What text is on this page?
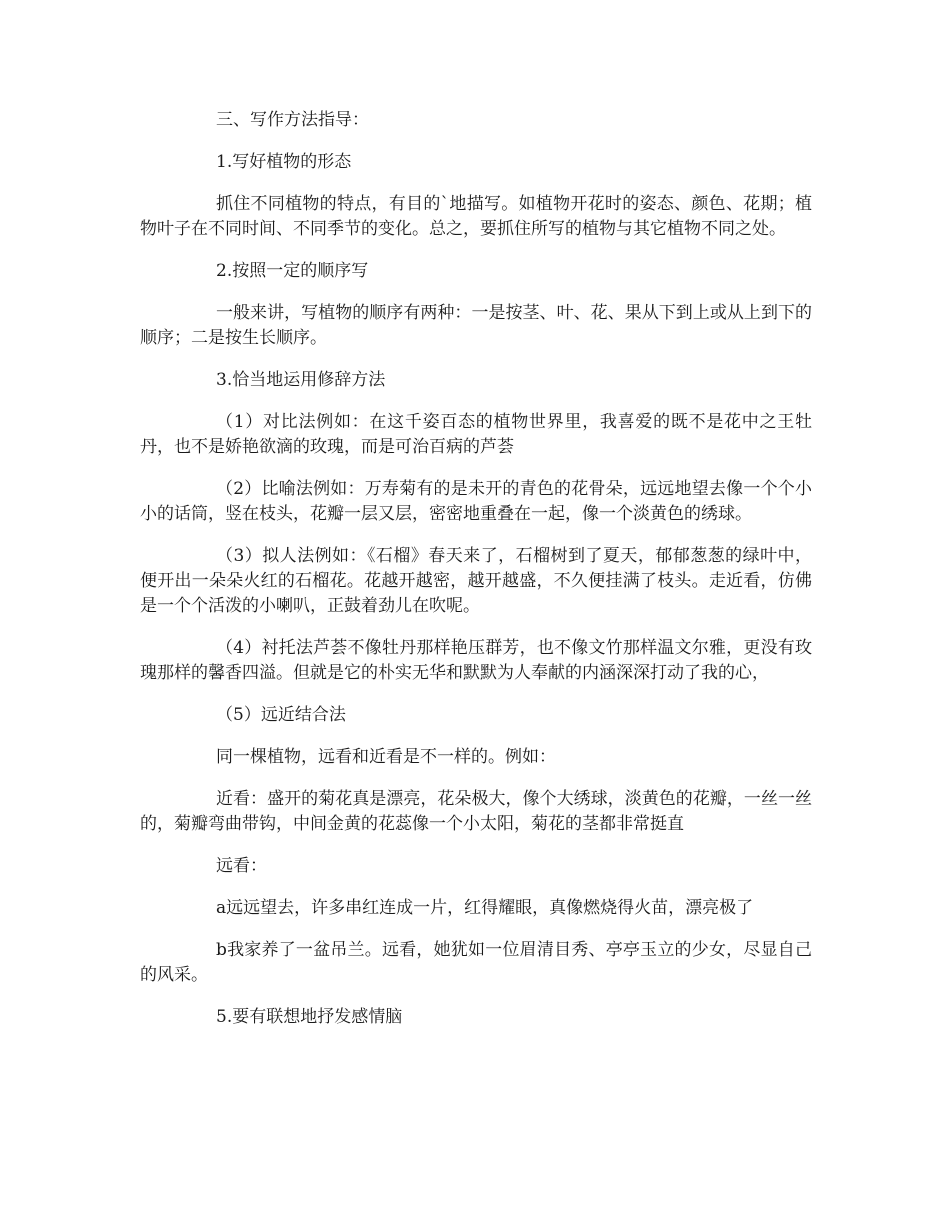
三、写作方法指导：

1.写好植物的形态

抓住不同植物的特点，有目的`地描写。如植物开花时的姿态、颜色、花期；植物叶子在不同时间、不同季节的变化。总之，要抓住所写的植物与其它植物不同之处。

2.按照一定的顺序写

一般来讲，写植物的顺序有两种：一是按茎、叶、花、果从下到上或从上到下的顺序；二是按生长顺序。

3.恰当地运用修辞方法

（1）对比法例如：在这千姿百态的植物世界里，我喜爱的既不是花中之王牡丹，也不是娇艳欲滴的玫瑰，而是可治百病的芦荟

（2）比喻法例如：万寿菊有的是未开的青色的花骨朵，远远地望去像一个个小小的话筒，竖在枝头，花瓣一层又层，密密地重叠在一起，像一个淡黄色的绣球。

（3）拟人法例如：《石榴》春天来了，石榴树到了夏天，郁郁葱葱的绿叶中，便开出一朵朵火红的石榴花。花越开越密，越开越盛，不久便挂满了枝头。走近看，仿佛是一个个活泼的小喇叭，正鼓着劲儿在吹呢。

（4）衬托法芦荟不像牡丹那样艳压群芳，也不像文竹那样温文尔雅，更没有玫瑰那样的馨香四溢。但就是它的朴实无华和默默为人奉献的内涵深深打动了我的心，

（5）远近结合法

同一棵植物，远看和近看是不一样的。例如：

近看：盛开的菊花真是漂亮，花朵极大，像个大绣球，淡黄色的花瓣，一丝一丝的，菊瓣弯曲带钩，中间金黄的花蕊像一个小太阳，菊花的茎都非常挺直

远看：

a远远望去，许多串红连成一片，红得耀眼，真像燃烧得火苗，漂亮极了

b我家养了一盆吊兰。远看，她犹如一位眉清目秀、亭亭玉立的少女，尽显自己的风采。

5.要有联想地抒发感情脑
